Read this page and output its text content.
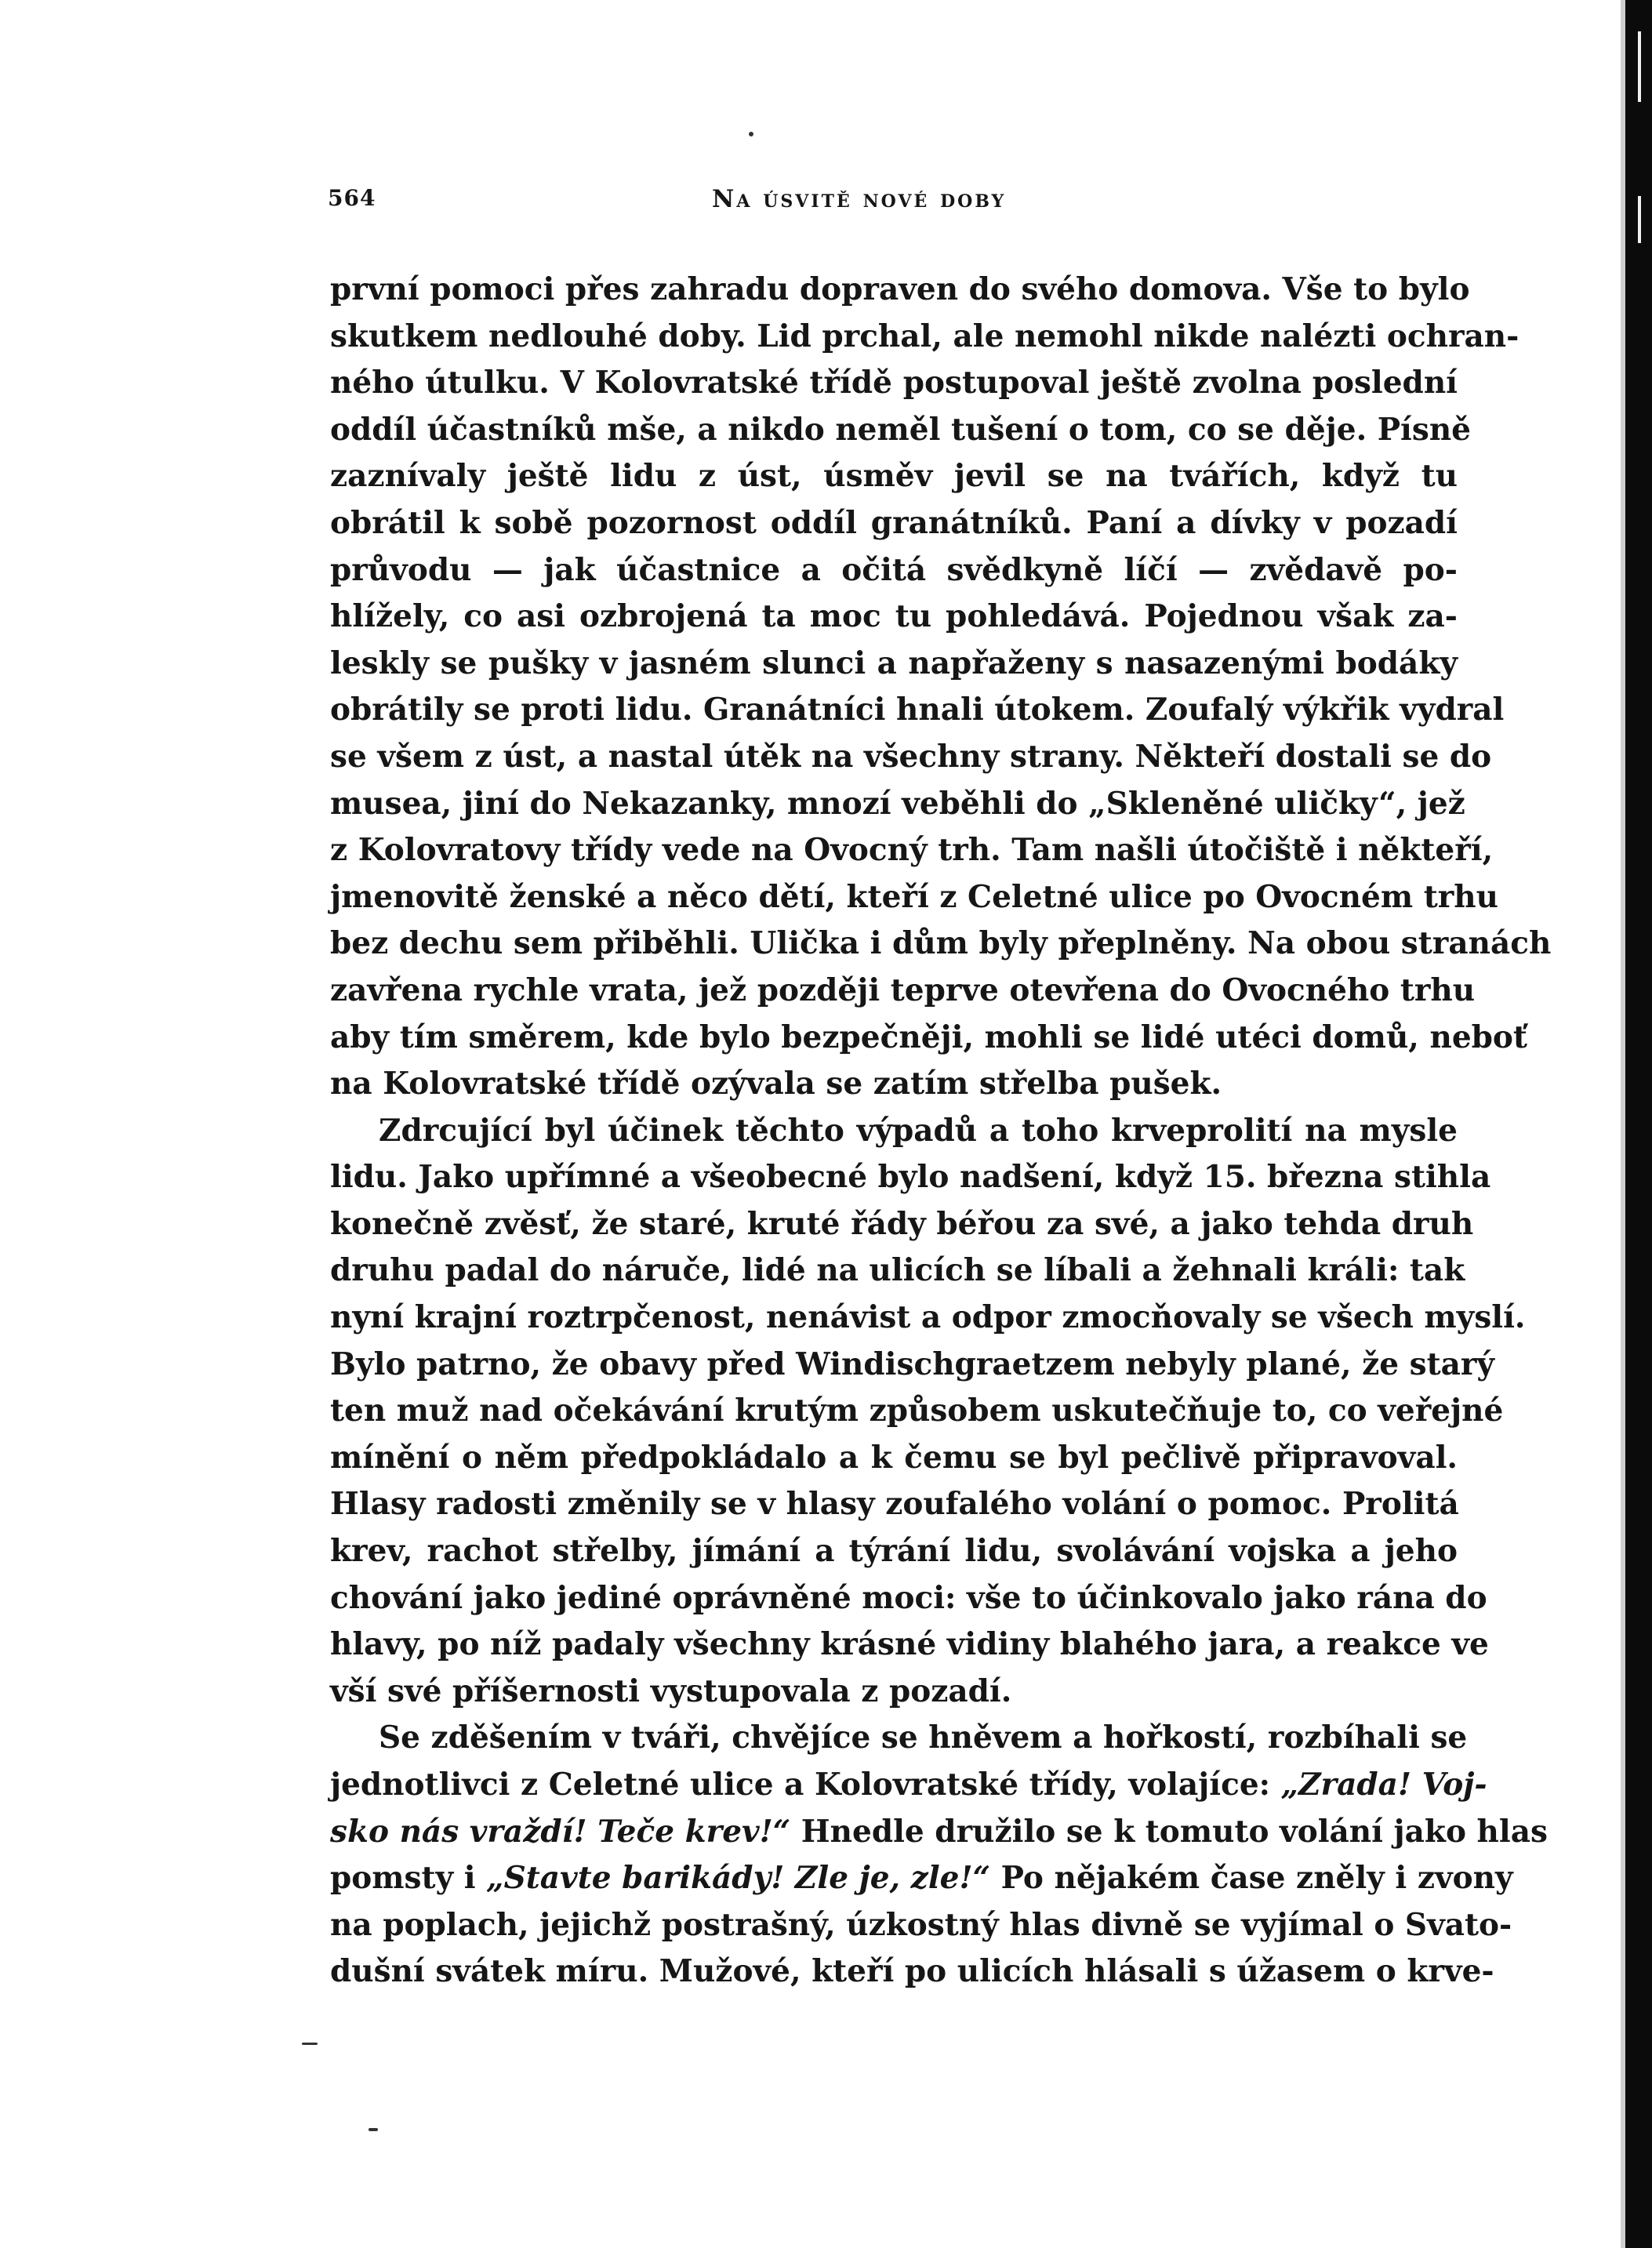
564	Na úsvitě nové doby
první pomoci přes zahradu dopraven do svého domova. Vše to bylo
skutkem nedlouhé doby. Lid prchal, ale nemohl nikde nalézti ochran-
ného útulku. V Kolovratské třídě postupoval ještě zvolna poslední
oddíl účastníků mše, a nikdo neměl tušení o tom, co se děje. Písně
zaznívaly ještě lidu z úst, úsměv jevil se na tvářích, když tu
obrátil k sobě pozornost oddíl granátníků. Paní a dívky v pozadí
průvodu — jak účastnice a očitá svědkyně líčí — zvědavě po-
hlížely, co asi ozbrojená ta moc tu pohledává. Pojednou však za-
leskly se pušky v jasném slunci a napřaženy s nasazenými bodáky
obrátily se proti lidu. Granátníci hnali útokem. Zoufalý výkřik vydral
se všem z úst, a nastal útěk na všechny strany. Někteří dostali se do
musea, jiní do Nekazanky, mnozí veběhli do „Skleněné uličky“, jež
z Kolovratovy třídy vede na Ovocný trh. Tam našli útočiště i někteří,
jmenovitě ženské a něco dětí, kteří z Celetné ulice po Ovocném trhu
bez dechu sem přiběhli. Ulička i dům byly přeplněny. Na obou stranách
zavřena rychle vrata, jež později teprve otevřena do Ovocného trhu
aby tím směrem, kde bylo bezpečněji, mohli se lidé utéci domů, neboť
na Kolovratské třídě ozývala se zatím střelba pušek.
Zdrcující byl účinek těchto výpadů a toho krveprolití na mysle
lidu. Jako upřímné a všeobecné bylo nadšení, když 15. března stihla
konečně zvěsť, že staré, kruté řády béřou za své, a jako tehda druh
druhu padal do náruče, lidé na ulicích se líbali a žehnali králi: tak
nyní krajní roztrpčenost, nenávist a odpor zmocňovaly se všech myslí.
Bylo patrno, že obavy před Windischgraetzem nebyly plané, že starý
ten muž nad očekávání krutým způsobem uskutečňuje to, co veřejné
mínění o něm předpokládalo a k čemu se byl pečlivě připravoval.
Hlasy radosti změnily se v hlasy zoufalého volání o pomoc. Prolitá
krev, rachot střelby, jímání a týrání lidu, svolávání vojska a jeho
chování jako jediné oprávněné moci: vše to účinkovalo jako rána do
hlavy, po níž padaly všechny krásné vidiny blahého jara, a reakce ve
vší své příšernosti vystupovala z pozadí.
Se zděšením v tváři, chvějíce se hněvem a hořkostí, rozbíhali se
jednotlivci z Celetné ulice a Kolovratské třídy, volajíce: „Zrada! Voj-
sko nás vraždí! Teče krev!“ Hnedle družilo se k tomuto volání jako hlas
pomsty i „Stavte barikády! Zle je, zle!“ Po nějakém čase zněly i zvony
na poplach, jejichž postrašný, úzkostný hlas divně se vyjímal o Svato-
dušní svátek míru. Mužové, kteří po ulicích hlásali s úžasem o krve-
